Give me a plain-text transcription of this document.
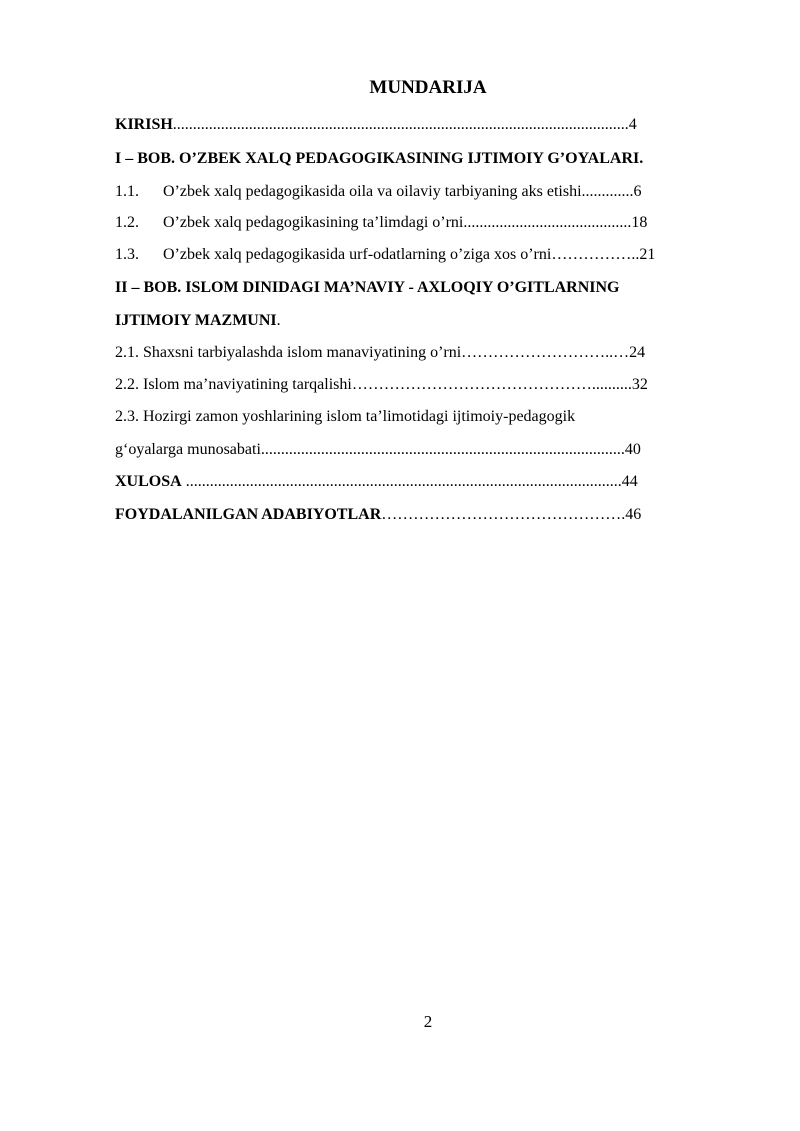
MUNDARIJA
KIRISH..................................................................................................................4
I – BOB. O’ZBEK XALQ PEDAGOGIKASINING IJTIMOIY G’OYALARI.
1.1. O’zbek xalq pedagogikasida oila va oilaviy tarbiyaning aks etishi.............6
1.2. O’zbek xalq pedagogikasining ta’limdagi o’rni..........................................18
1.3. O’zbek xalq pedagogikasida urf-odatlarning o’ziga xos o’rni……………..21
II – BOB. ISLOM DINIDAGI MA’NAVIY - AXLOQIY O’GITLARNING
IJTIMOIY MAZMUNI.
2.1. Shaxsni tarbiyalashda islom manaviyatining o’rni………………………..…24
2.2. Islom ma’naviyatining tarqalishi………………………………………..........32
2.3. Hozirgi zamon yoshlarining islom ta’limotidagi ijtimoiy-pedagogik
g‘oyalarga munosabati...........................................................................................40
XULOSA .............................................................................................................44
FOYDALANILGAN ADABIYOTLAR……………………………………….46
2
